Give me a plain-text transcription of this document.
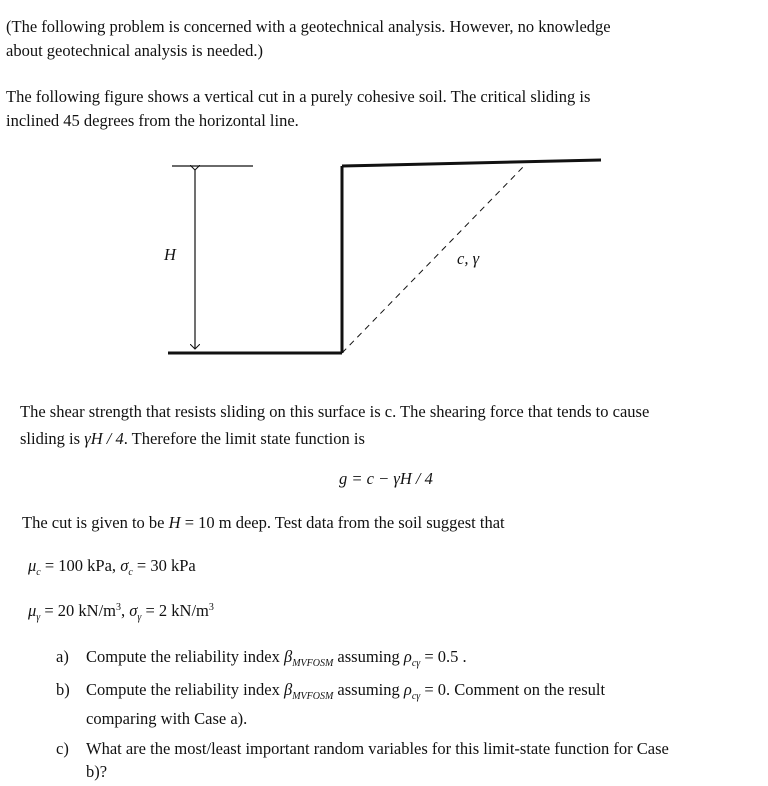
(The following problem is concerned with a geotechnical analysis. However, no knowledge
about geotechnical analysis is needed.)
The following figure shows a vertical cut in a purely cohesive soil. The critical sliding is
inclined 45 degrees from the horizontal line.
H	c, γ
The shear strength that resists sliding on this surface is c. The shearing force that tends to cause
sliding is γH / 4. Therefore the limit state function is
g = c − γH / 4
The cut is given to be H = 10 m deep. Test data from the soil suggest that
$\mu_c = 100$ kPa, $\sigma_c = 30$ kPa
$\mu_\gamma = 20$ $kN/m^3$, $\sigma_\gamma = 2$ $kN/m^3$
a) Compute the reliability index $\beta_{MVFOSM}$ assuming $\rho_{c\gamma} = 0.5$ .
b) Compute the reliability index $\beta_{MVFOSM}$ assuming $\rho_{c\gamma} = 0$. Comment on the result
comparing with Case a).
c) What are the most/least important random variables for this limit-state function for Case
b)?
